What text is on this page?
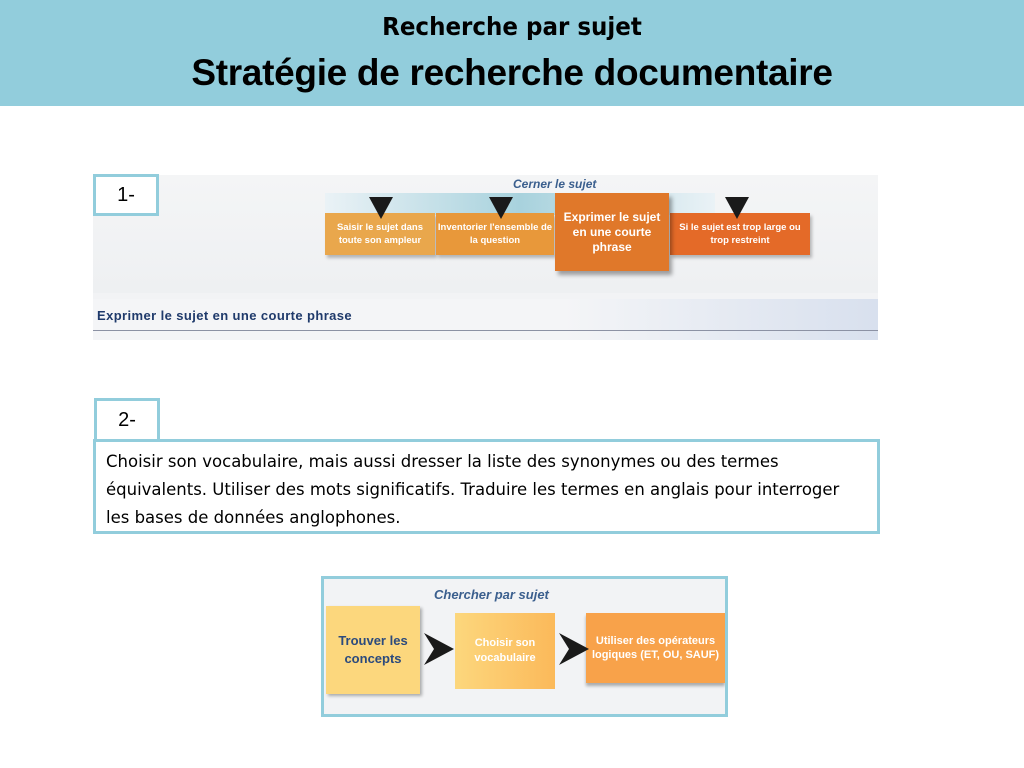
Recherche par sujet
Stratégie de recherche documentaire
Cerner le sujet
Saisir le sujet dans toute son ampleur
Inventorier l'ensemble de la question
Si le sujet est trop large ou trop restreint
Exprimer le sujet en une courte phrase
Exprimer le sujet en une courte phrase
1-
2-
Choisir son vocabulaire, mais aussi dresser la liste des synonymes ou des termes équivalents. Utiliser des mots significatifs. Traduire les termes en anglais pour interroger les bases de données anglophones.
Chercher par sujet
Choisir son vocabulaire
Utiliser des opérateurs logiques (ET, OU, SAUF)
Trouver les concepts
